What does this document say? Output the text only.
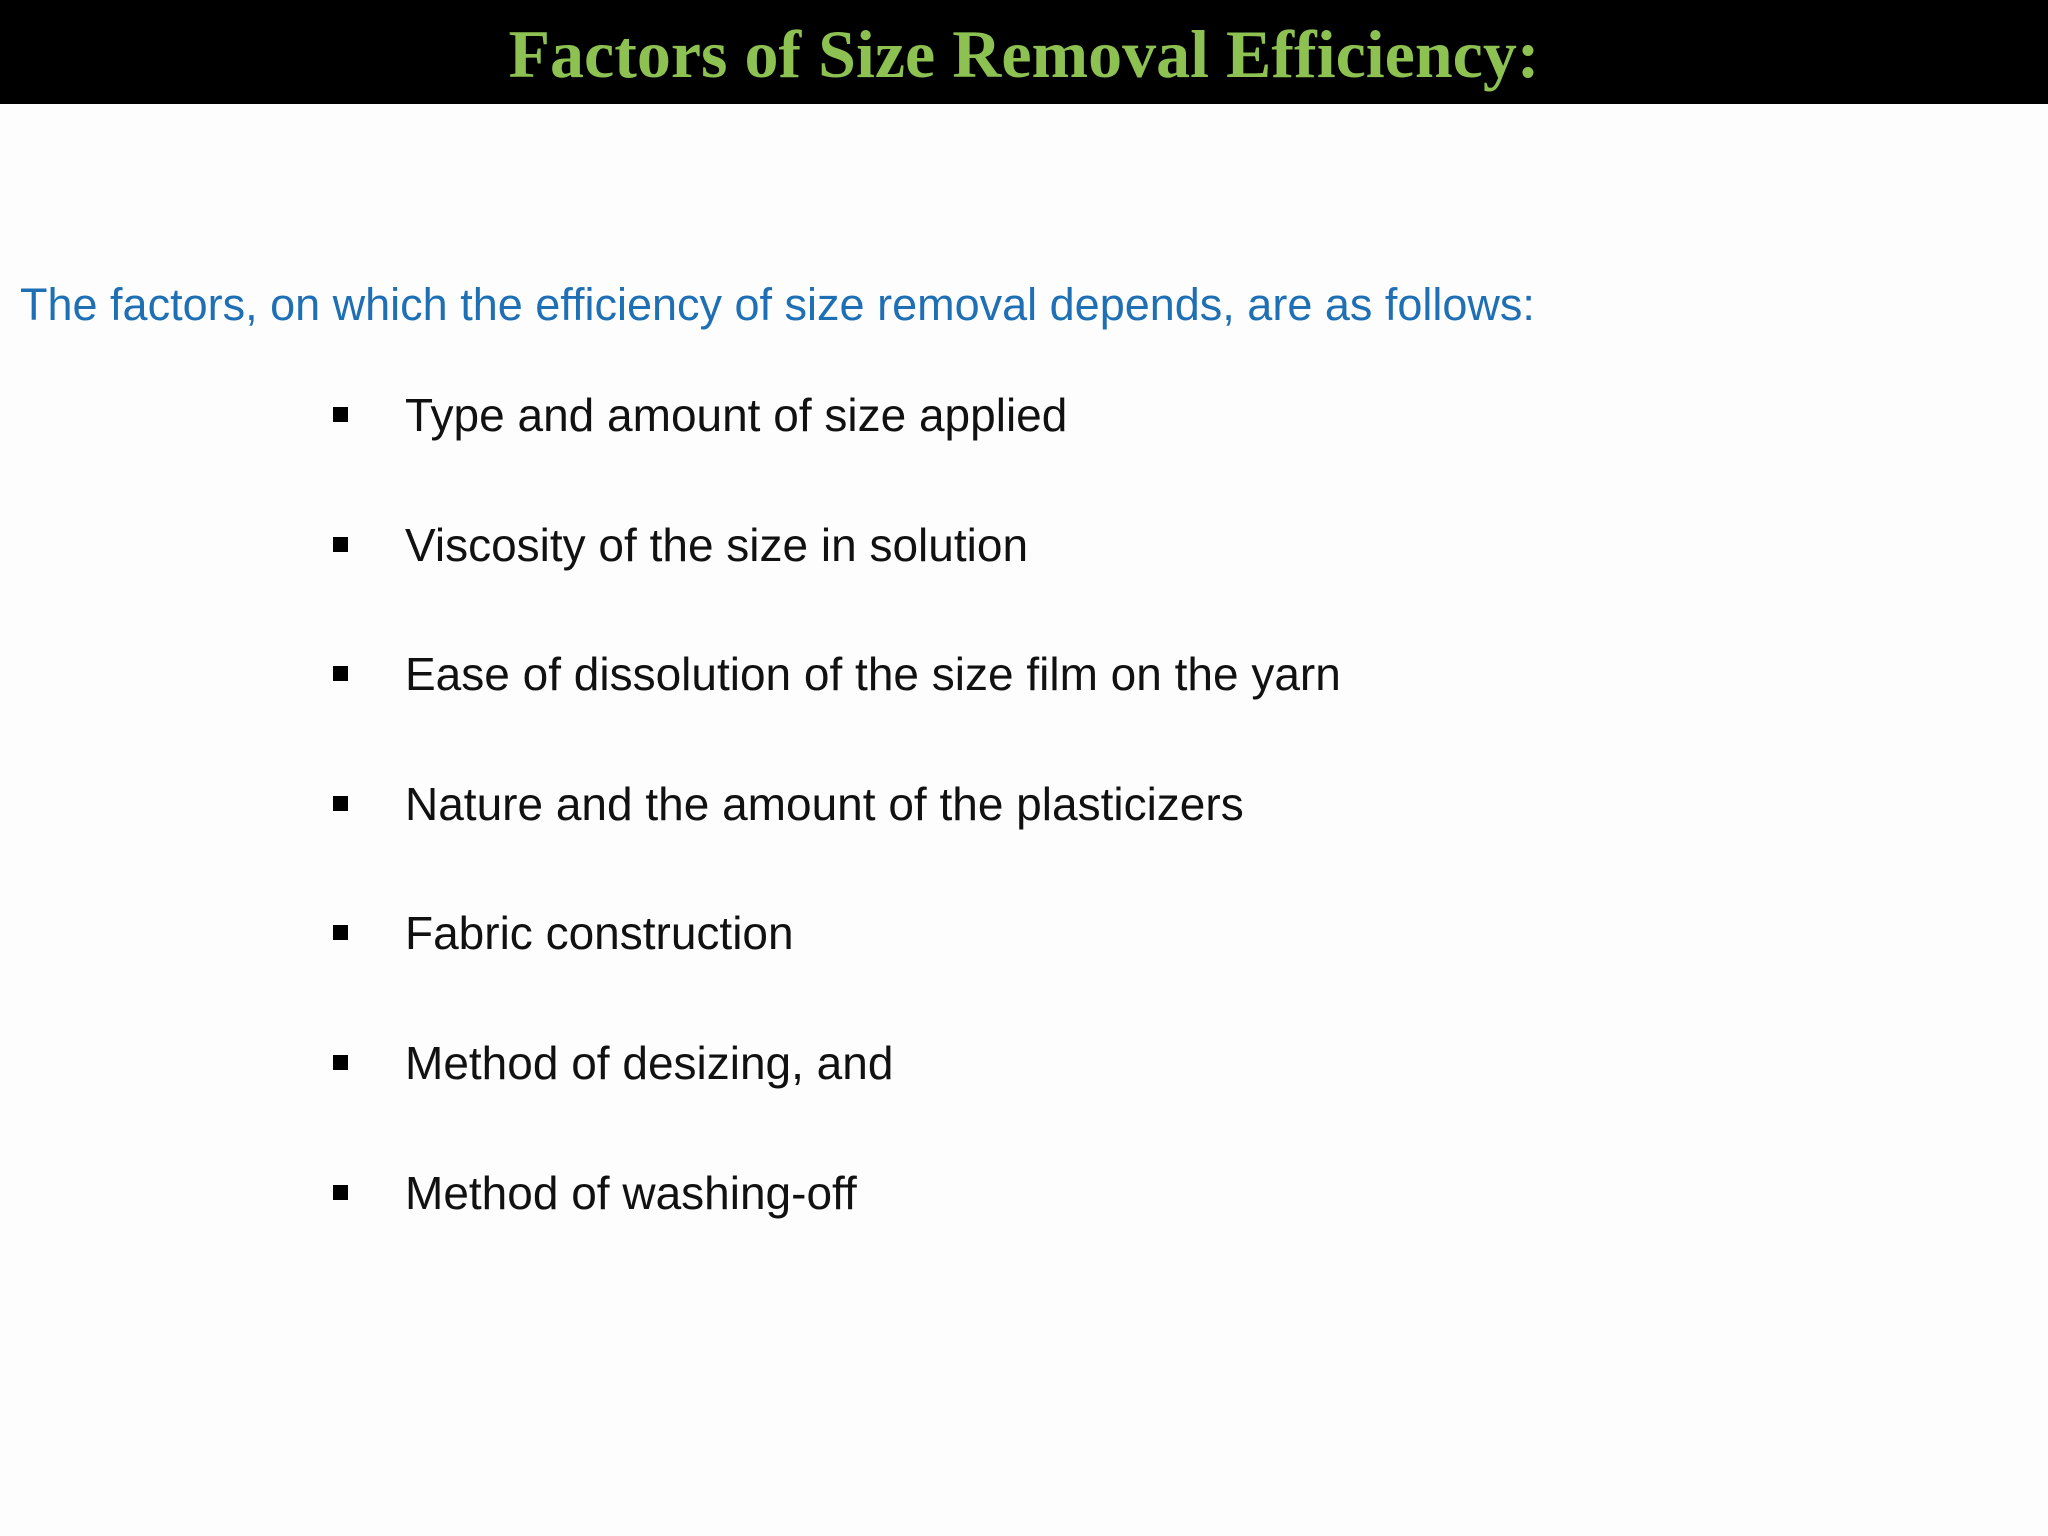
Factors of Size Removal Efficiency:
The factors, on which the efficiency of size removal depends, are as follows:
Type and amount of size applied
Viscosity of the size in solution
Ease of dissolution of the size film on the yarn
Nature and the amount of the plasticizers
Fabric construction
Method of desizing, and
Method of washing-off
